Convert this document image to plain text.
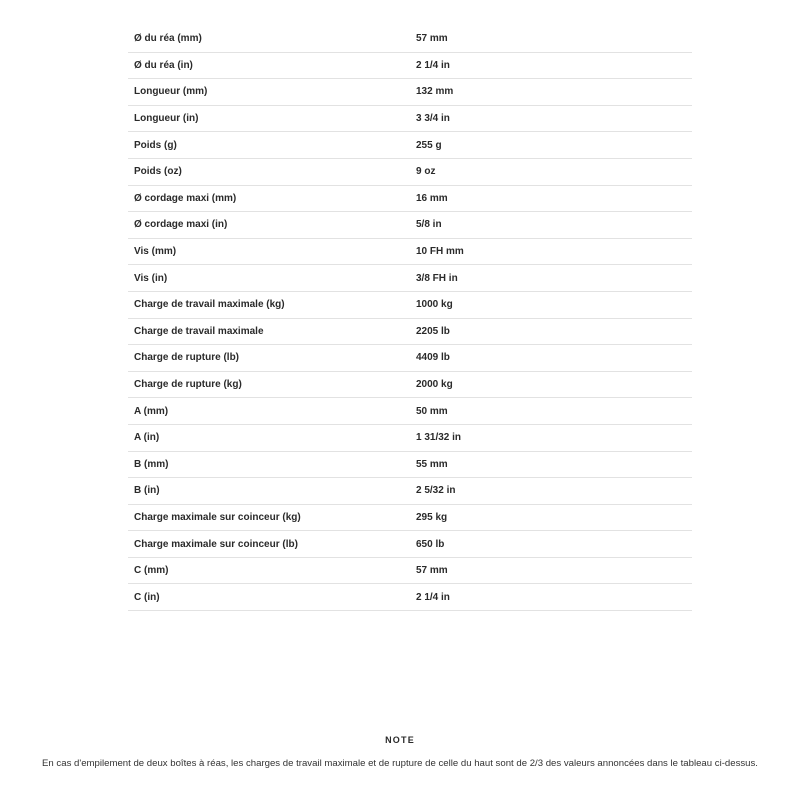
Ø du réa (mm)	57 mm
Ø du réa (in)	2 1/4 in
Longueur (mm)	132 mm
Longueur (in)	3 3/4 in
Poids (g)	255 g
Poids (oz)	9 oz
Ø cordage maxi (mm)	16 mm
Ø cordage maxi (in)	5/8 in
Vis (mm)	10 FH mm
Vis (in)	3/8 FH in
Charge de travail maximale (kg)	1000 kg
Charge de travail maximale	2205 lb
Charge de rupture (lb)	4409 lb
Charge de rupture (kg)	2000 kg
A (mm)	50 mm
A (in)	1 31/32 in
B (mm)	55 mm
B (in)	2 5/32 in
Charge maximale sur coinceur (kg)	295 kg
Charge maximale sur coinceur (lb)	650 lb
C (mm)	57 mm
C (in)	2 1/4 in
NOTE
En cas d'empilement de deux boîtes à réas, les charges de travail maximale et de rupture de celle du haut sont de 2/3 des valeurs annoncées dans le tableau ci-dessus.
